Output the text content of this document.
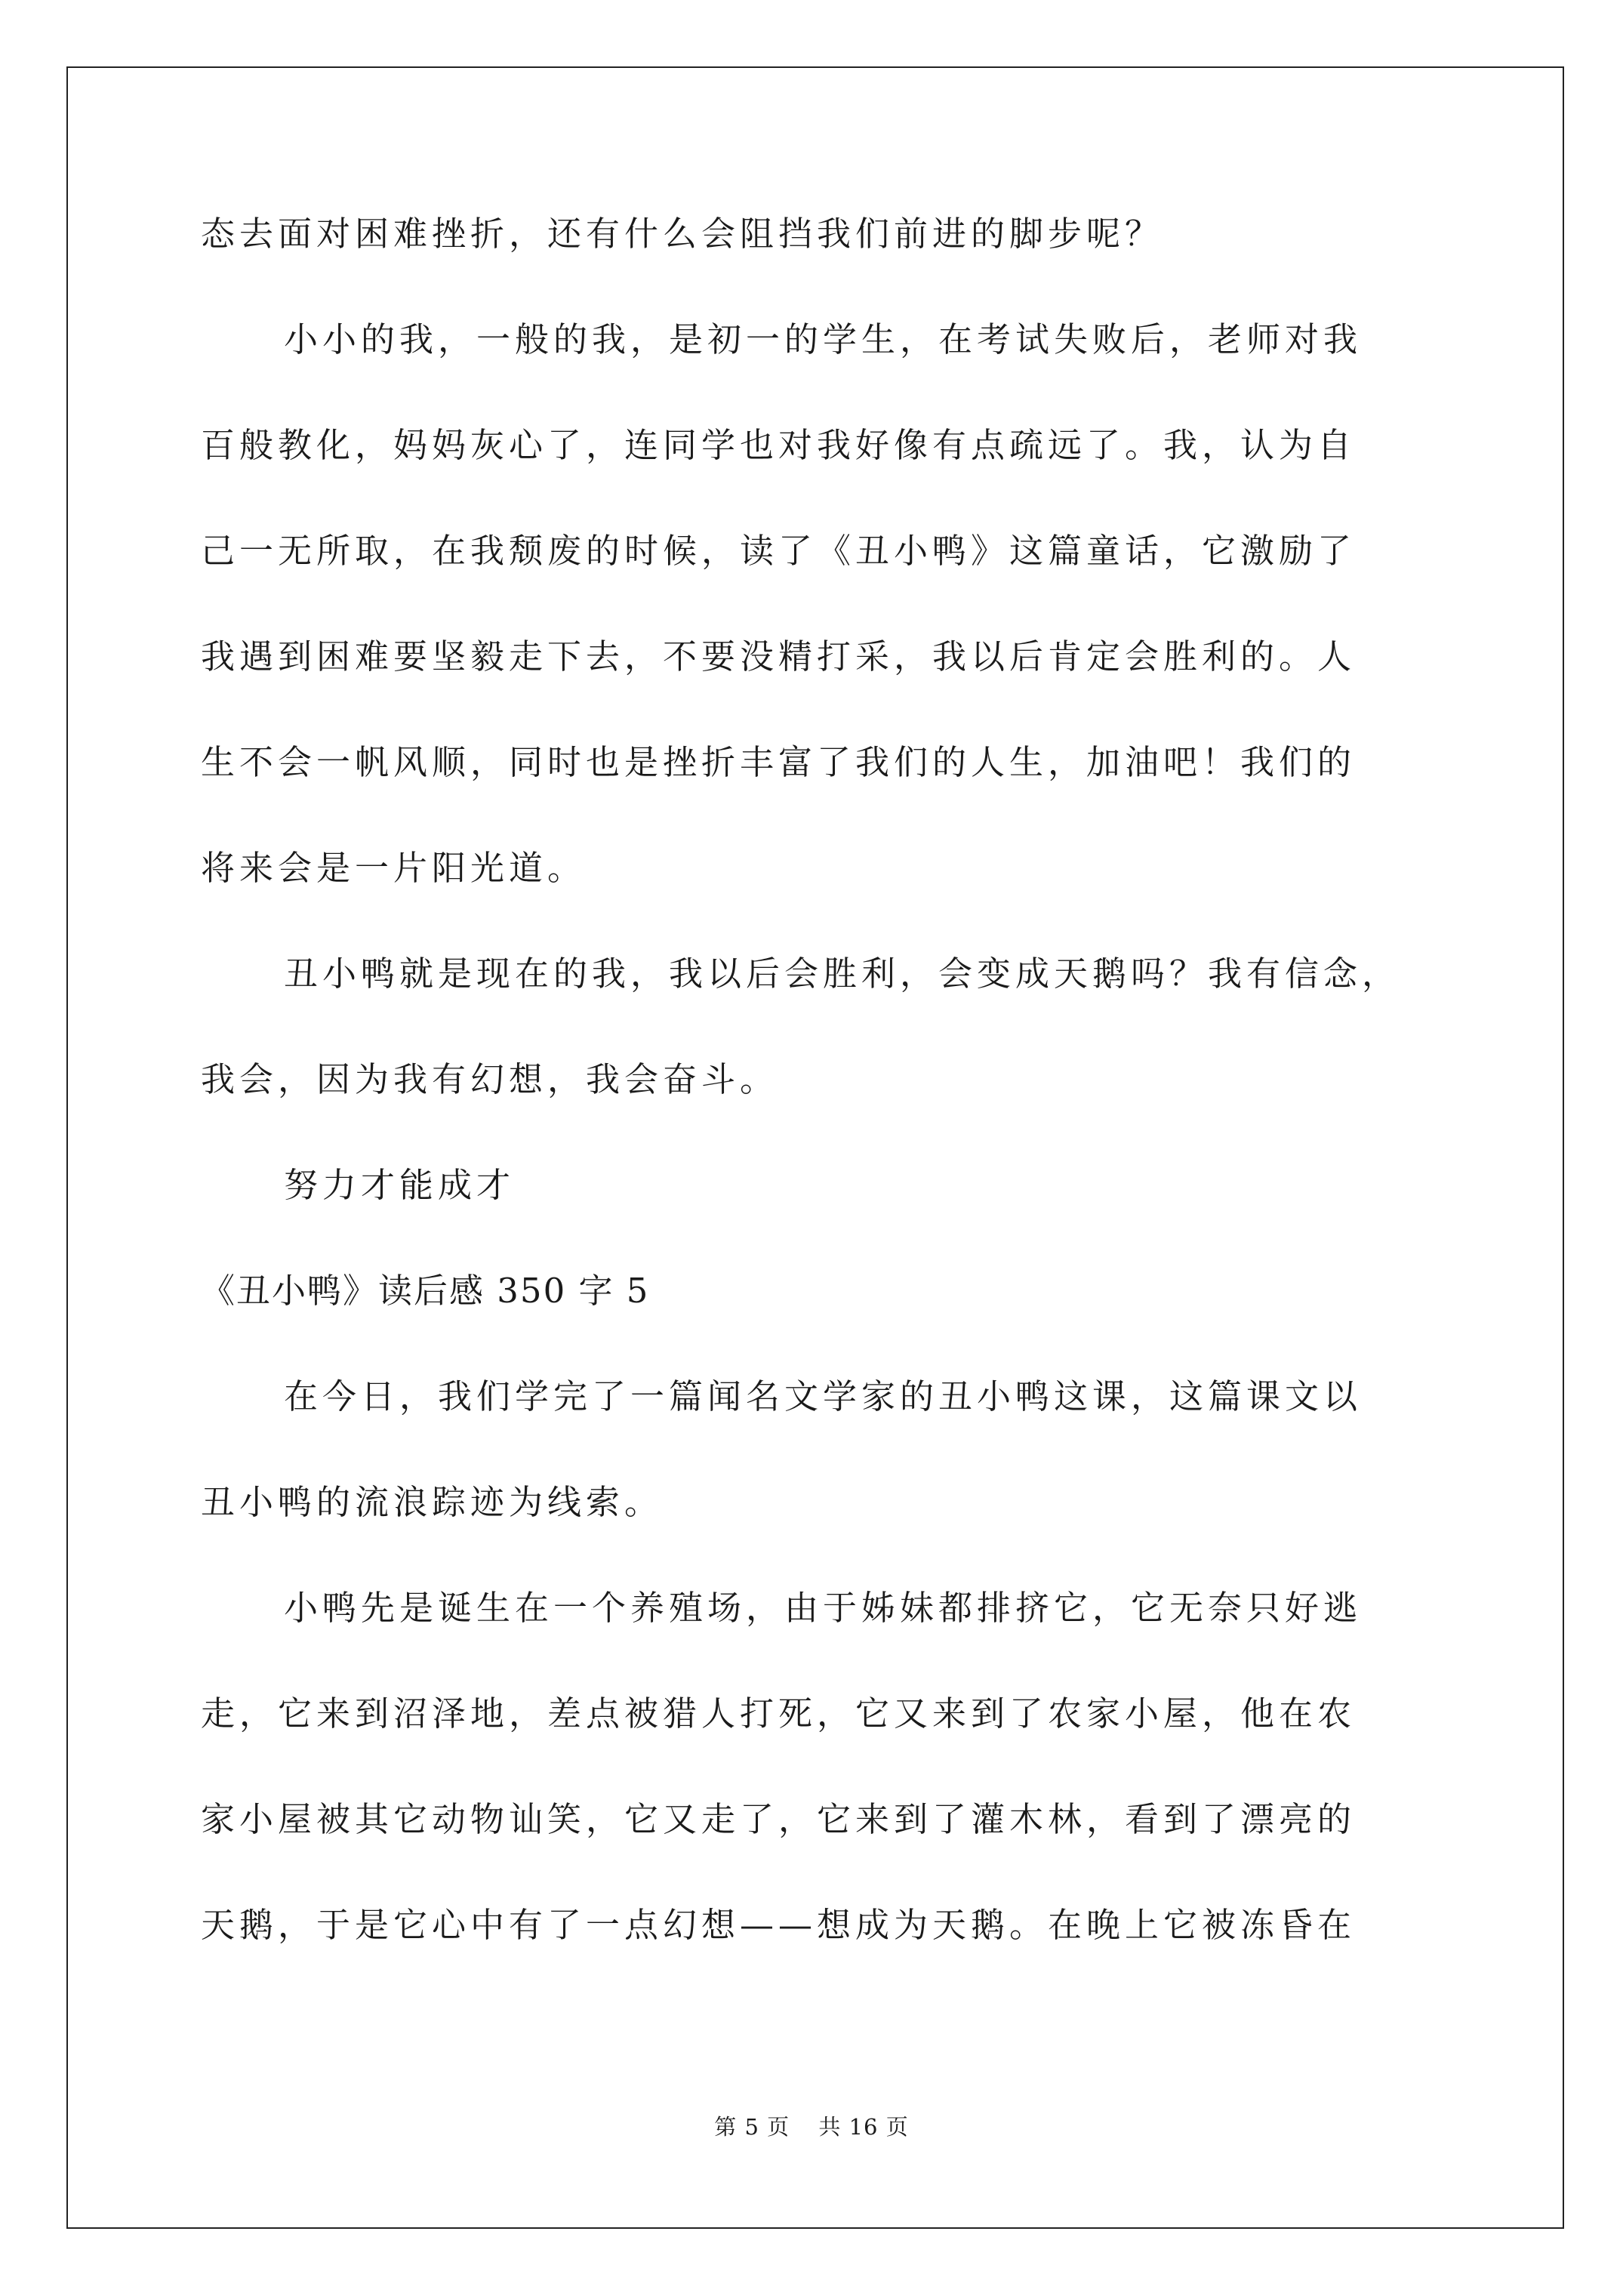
态去面对困难挫折，还有什么会阻挡我们前进的脚步呢？
小小的我，一般的我，是初一的学生，在考试失败后，老师对我
百般教化，妈妈灰心了，连同学也对我好像有点疏远了。我，认为自
己一无所取，在我颓废的时候，读了《丑小鸭》这篇童话，它激励了
我遇到困难要坚毅走下去，不要没精打采，我以后肯定会胜利的。人
生不会一帆风顺，同时也是挫折丰富了我们的人生，加油吧！我们的
将来会是一片阳光道。
丑小鸭就是现在的我，我以后会胜利，会变成天鹅吗？我有信念，
我会，因为我有幻想，我会奋斗。
努力才能成才
《丑小鸭》读后感 350 字 5
在今日，我们学完了一篇闻名文学家的丑小鸭这课，这篇课文以
丑小鸭的流浪踪迹为线索。
小鸭先是诞生在一个养殖场，由于姊妹都排挤它，它无奈只好逃
走，它来到沼泽地，差点被猎人打死，它又来到了农家小屋，他在农
家小屋被其它动物讪笑，它又走了，它来到了灌木林，看到了漂亮的
天鹅，于是它心中有了一点幻想——想成为天鹅。在晚上它被冻昏在
第 5 页 共 16 页
